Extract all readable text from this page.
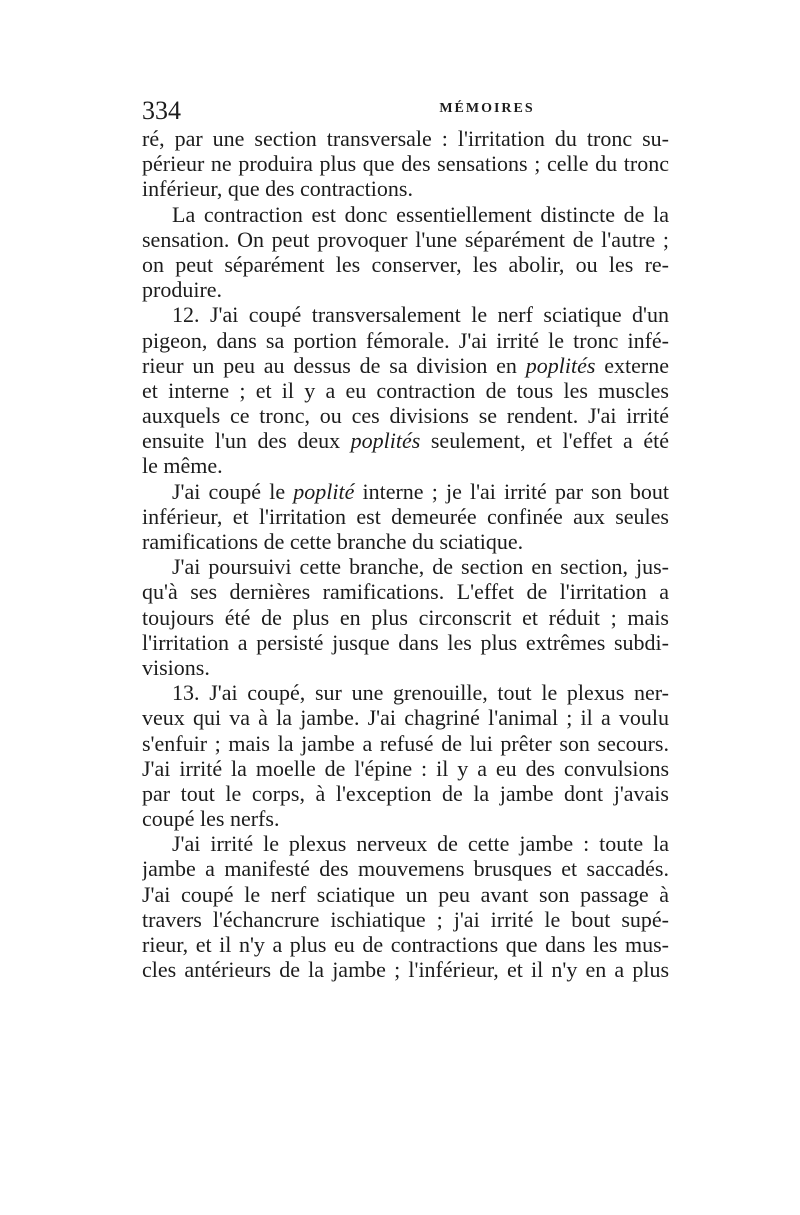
334	MÉMOIRES
ré, par une section transversale : l'irritation du tronc su-
périeur ne produira plus que des sensations ; celle du tronc
inférieur, que des contractions.
La contraction est donc essentiellement distincte de la
sensation. On peut provoquer l'une séparément de l'autre ;
on peut séparément les conserver, les abolir, ou les re-
produire.
12. J'ai coupé transversalement le nerf sciatique d'un
pigeon, dans sa portion fémorale. J'ai irrité le tronc infé-
rieur un peu au dessus de sa division en poplités externe
et interne ; et il y a eu contraction de tous les muscles
auxquels ce tronc, ou ces divisions se rendent. J'ai irrité
ensuite l'un des deux poplités seulement, et l'effet a été
le même.
J'ai coupé le poplité interne ; je l'ai irrité par son bout
inférieur, et l'irritation est demeurée confinée aux seules
ramifications de cette branche du sciatique.
J'ai poursuivi cette branche, de section en section, jus-
qu'à ses dernières ramifications. L'effet de l'irritation a
toujours été de plus en plus circonscrit et réduit ; mais
l'irritation a persisté jusque dans les plus extrêmes subdi-
visions.
13. J'ai coupé, sur une grenouille, tout le plexus ner-
veux qui va à la jambe. J'ai chagriné l'animal ; il a voulu
s'enfuir ; mais la jambe a refusé de lui prêter son secours.
J'ai irrité la moelle de l'épine : il y a eu des convulsions
par tout le corps, à l'exception de la jambe dont j'avais
coupé les nerfs.
J'ai irrité le plexus nerveux de cette jambe : toute la
jambe a manifesté des mouvemens brusques et saccadés.
J'ai coupé le nerf sciatique un peu avant son passage à
travers l'échancrure ischiatique ; j'ai irrité le bout supé-
rieur, et il n'y a plus eu de contractions que dans les mus-
cles antérieurs de la jambe ; l'inférieur, et il n'y en a plus
